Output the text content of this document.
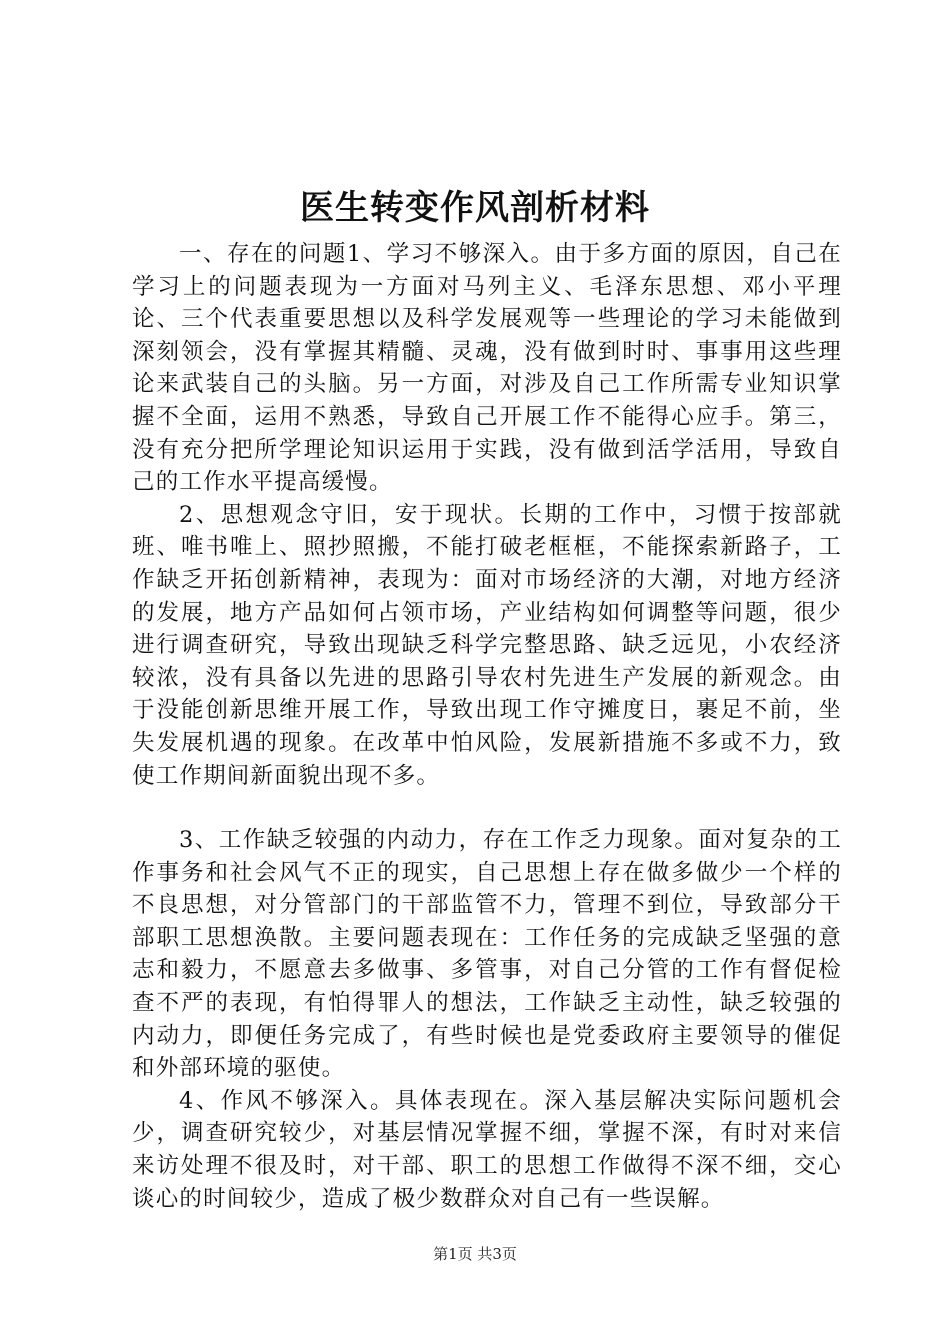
医生转变作风剖析材料

一、存在的问题1、学习不够深入。由于多方面的原因，自己在学习上的问题表现为一方面对马列主义、毛泽东思想、邓小平理论、三个代表重要思想以及科学发展观等一些理论的学习未能做到深刻领会，没有掌握其精髓、灵魂，没有做到时时、事事用这些理论来武装自己的头脑。另一方面，对涉及自己工作所需专业知识掌握不全面，运用不熟悉，导致自己开展工作不能得心应手。第三，没有充分把所学理论知识运用于实践，没有做到活学活用，导致自己的工作水平提高缓慢。

2、思想观念守旧，安于现状。长期的工作中，习惯于按部就班、唯书唯上、照抄照搬，不能打破老框框，不能探索新路子，工作缺乏开拓创新精神，表现为：面对市场经济的大潮，对地方经济的发展，地方产品如何占领市场，产业结构如何调整等问题，很少进行调查研究，导致出现缺乏科学完整思路、缺乏远见，小农经济较浓，没有具备以先进的思路引导农村先进生产发展的新观念。由于没能创新思维开展工作，导致出现工作守摊度日，裹足不前，坐失发展机遇的现象。在改革中怕风险，发展新措施不多或不力，致使工作期间新面貌出现不多。

3、工作缺乏较强的内动力，存在工作乏力现象。面对复杂的工作事务和社会风气不正的现实，自己思想上存在做多做少一个样的不良思想，对分管部门的干部监管不力，管理不到位，导致部分干部职工思想涣散。主要问题表现在：工作任务的完成缺乏坚强的意志和毅力，不愿意去多做事、多管事，对自己分管的工作有督促检查不严的表现，有怕得罪人的想法，工作缺乏主动性，缺乏较强的内动力，即便任务完成了，有些时候也是党委政府主要领导的催促和外部环境的驱使。

4、作风不够深入。具体表现在。深入基层解决实际问题机会少，调查研究较少，对基层情况掌握不细，掌握不深，有时对来信来访处理不很及时，对干部、职工的思想工作做得不深不细，交心谈心的时间较少，造成了极少数群众对自己有一些误解。

第1页 共3页
